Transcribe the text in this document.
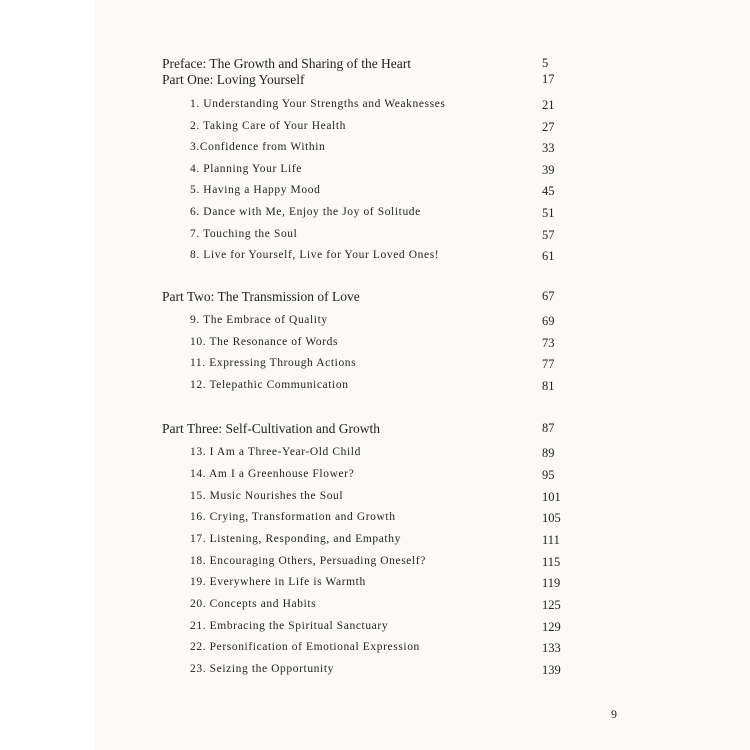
Preface: The Growth and Sharing of the Heart	5
Part One: Loving Yourself	17
1. Understanding Your Strengths and Weaknesses	21
2. Taking Care of Your Health	27
3.Confidence from Within	33
4. Planning Your Life	39
5. Having a Happy Mood	45
6. Dance with Me, Enjoy the Joy of Solitude	51
7. Touching the Soul	57
8. Live for Yourself, Live for Your Loved Ones!	61
Part Two: The Transmission of Love	67
9. The Embrace of Quality	69
10. The Resonance of Words	73
11. Expressing Through Actions	77
12. Telepathic Communication	81
Part Three: Self-Cultivation and Growth	87
13. I Am a Three-Year-Old Child	89
14. Am I a Greenhouse Flower?	95
15. Music Nourishes the Soul	101
16. Crying, Transformation and Growth	105
17. Listening, Responding, and Empathy	111
18. Encouraging Others, Persuading Oneself?	115
19. Everywhere in Life is Warmth	119
20. Concepts and Habits	125
21. Embracing the Spiritual Sanctuary	129
22. Personification of Emotional Expression	133
23. Seizing the Opportunity	139
9
